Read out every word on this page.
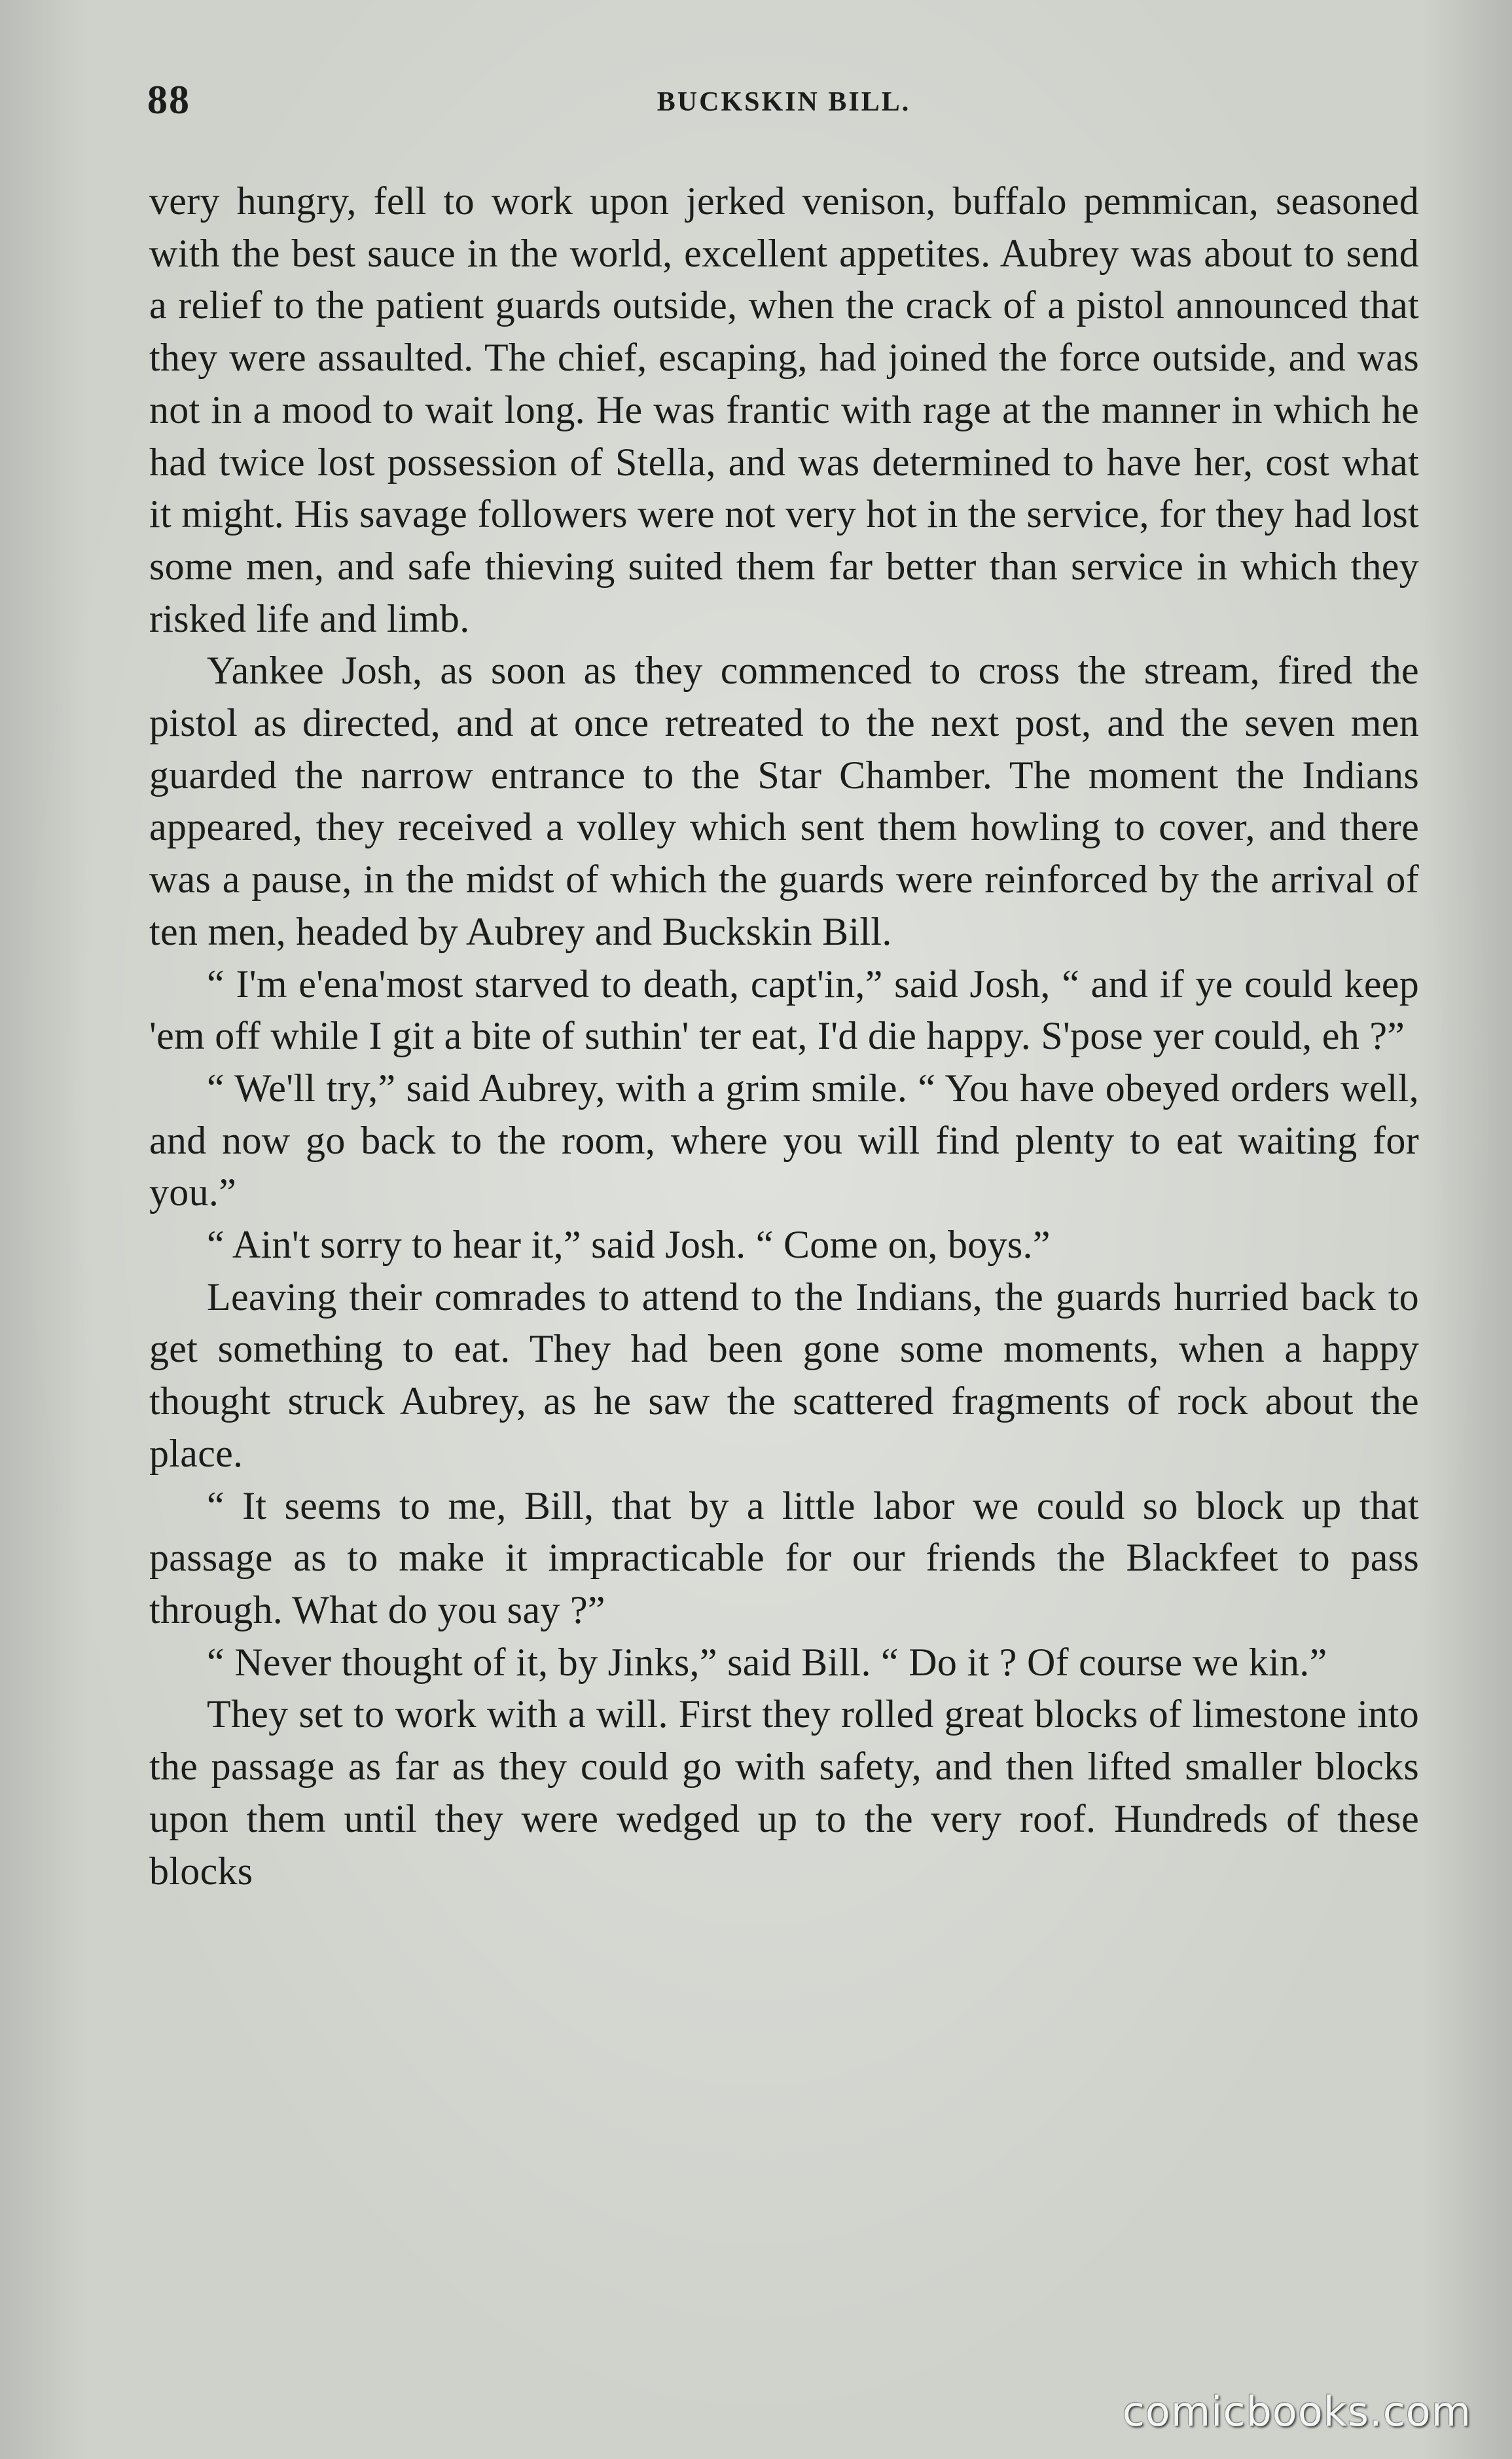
88	BUCKSKIN BILL.

very hungry, fell to work upon jerked venison, buffalo pemmican, seasoned with the best sauce in the world, excellent appetites. Aubrey was about to send a relief to the patient guards outside, when the crack of a pistol announced that they were assaulted. The chief, escaping, had joined the force outside, and was not in a mood to wait long. He was frantic with rage at the manner in which he had twice lost possession of Stella, and was determined to have her, cost what it might. His savage followers were not very hot in the service, for they had lost some men, and safe thieving suited them far better than service in which they risked life and limb.

Yankee Josh, as soon as they commenced to cross the stream, fired the pistol as directed, and at once retreated to the next post, and the seven men guarded the narrow entrance to the Star Chamber. The moment the Indians appeared, they received a volley which sent them howling to cover, and there was a pause, in the midst of which the guards were reinforced by the arrival of ten men, headed by Aubrey and Buckskin Bill.

“ I'm e'ena'most starved to death, capt'in,” said Josh, “ and if ye could keep 'em off while I git a bite of suthin' ter eat, I'd die happy. S'pose yer could, eh ?”

“ We'll try,” said Aubrey, with a grim smile. “ You have obeyed orders well, and now go back to the room, where you will find plenty to eat waiting for you.”

“ Ain't sorry to hear it,” said Josh. “ Come on, boys.”

Leaving their comrades to attend to the Indians, the guards hurried back to get something to eat. They had been gone some moments, when a happy thought struck Aubrey, as he saw the scattered fragments of rock about the place.

“ It seems to me, Bill, that by a little labor we could so block up that passage as to make it impracticable for our friends the Blackfeet to pass through. What do you say ?”

“ Never thought of it, by Jinks,” said Bill. “ Do it ? Of course we kin.”

They set to work with a will. First they rolled great blocks of limestone into the passage as far as they could go with safety, and then lifted smaller blocks upon them until they were wedged up to the very roof. Hundreds of these blocks

comicbooks.com
